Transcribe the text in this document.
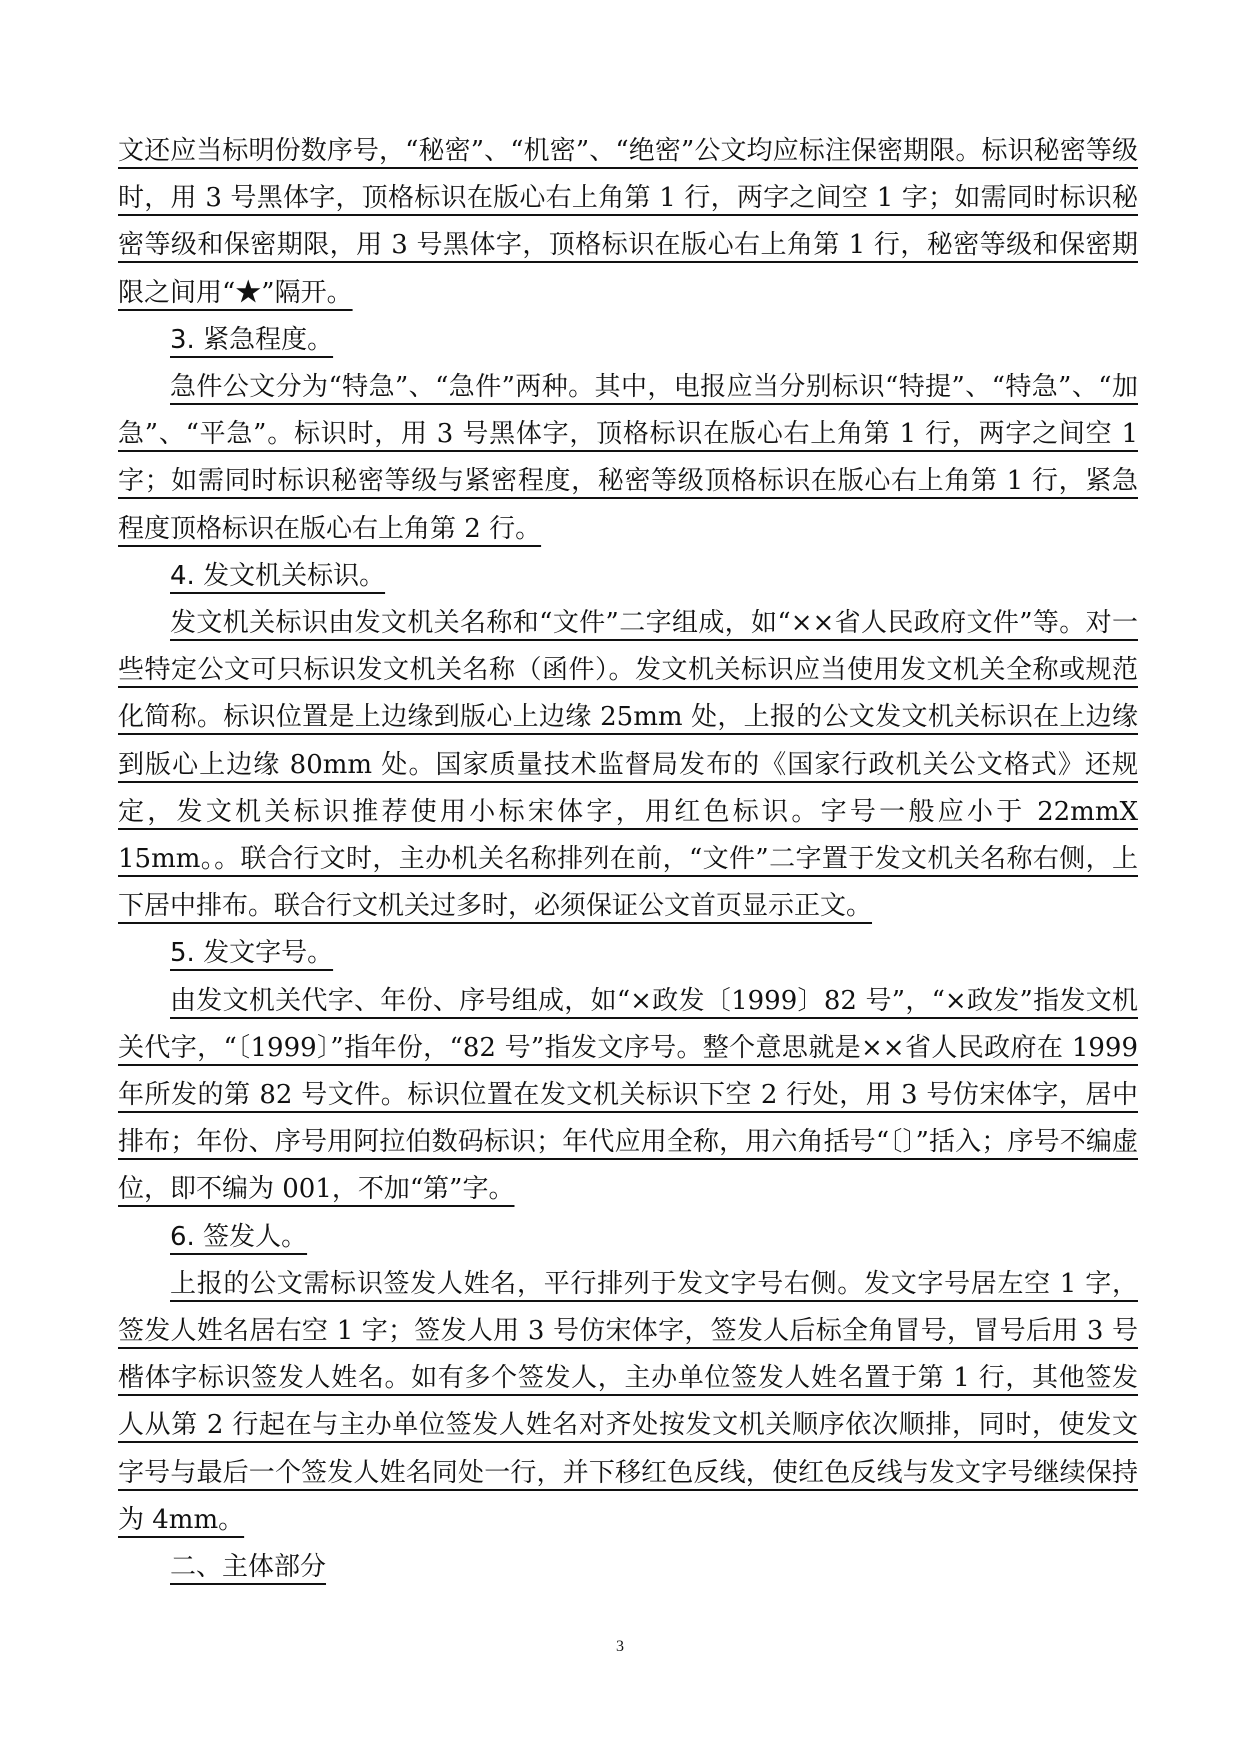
文还应当标明份数序号，“秘密”、“机密”、“绝密”公文均应标注保密期限。标识秘密等级时，用 3 号黑体字，顶格标识在版心右上角第 1 行，两字之间空 1 字；如需同时标识秘密等级和保密期限，用 3 号黑体字，顶格标识在版心右上角第 1 行，秘密等级和保密期限之间用“★”隔开。

3. 紧急程度。

急件公文分为“特急”、“急件”两种。其中，电报应当分别标识“特提”、“特急”、“加急”、“平急”。标识时，用 3 号黑体字，顶格标识在版心右上角第 1 行，两字之间空 1 字；如需同时标识秘密等级与紧密程度，秘密等级顶格标识在版心右上角第 1 行，紧急程度顶格标识在版心右上角第 2 行。

4. 发文机关标识。

发文机关标识由发文机关名称和“文件”二字组成，如“××省人民政府文件”等。对一些特定公文可只标识发文机关名称（函件）。发文机关标识应当使用发文机关全称或规范化简称。标识位置是上边缘到版心上边缘 25mm 处，上报的公文发文机关标识在上边缘到版心上边缘 80mm 处。国家质量技术监督局发布的《国家行政机关公文格式》还规定，发文机关标识推荐使用小标宋体字，用红色标识。字号一般应小于 22mmX 15mm。。联合行文时，主办机关名称排列在前，“文件”二字置于发文机关名称右侧，上下居中排布。联合行文机关过多时，必须保证公文首页显示正文。

5. 发文字号。

由发文机关代字、年份、序号组成，如“×政发〔1999〕82 号”，“×政发”指发文机关代字，“〔1999〕”指年份，“82 号”指发文序号。整个意思就是××省人民政府在 1999 年所发的第 82 号文件。标识位置在发文机关标识下空 2 行处，用 3 号仿宋体字，居中排布；年份、序号用阿拉伯数码标识；年代应用全称，用六角括号“〔〕”括入；序号不编虚位，即不编为 001，不加“第”字。

6. 签发人。

上报的公文需标识签发人姓名，平行排列于发文字号右侧。发文字号居左空 1 字，签发人姓名居右空 1 字；签发人用 3 号仿宋体字，签发人后标全角冒号，冒号后用 3 号楷体字标识签发人姓名。如有多个签发人，主办单位签发人姓名置于第 1 行，其他签发人从第 2 行起在与主办单位签发人姓名对齐处按发文机关顺序依次顺排，同时，使发文字号与最后一个签发人姓名同处一行，并下移红色反线，使红色反线与发文字号继续保持为 4mm。

二、主体部分

3
